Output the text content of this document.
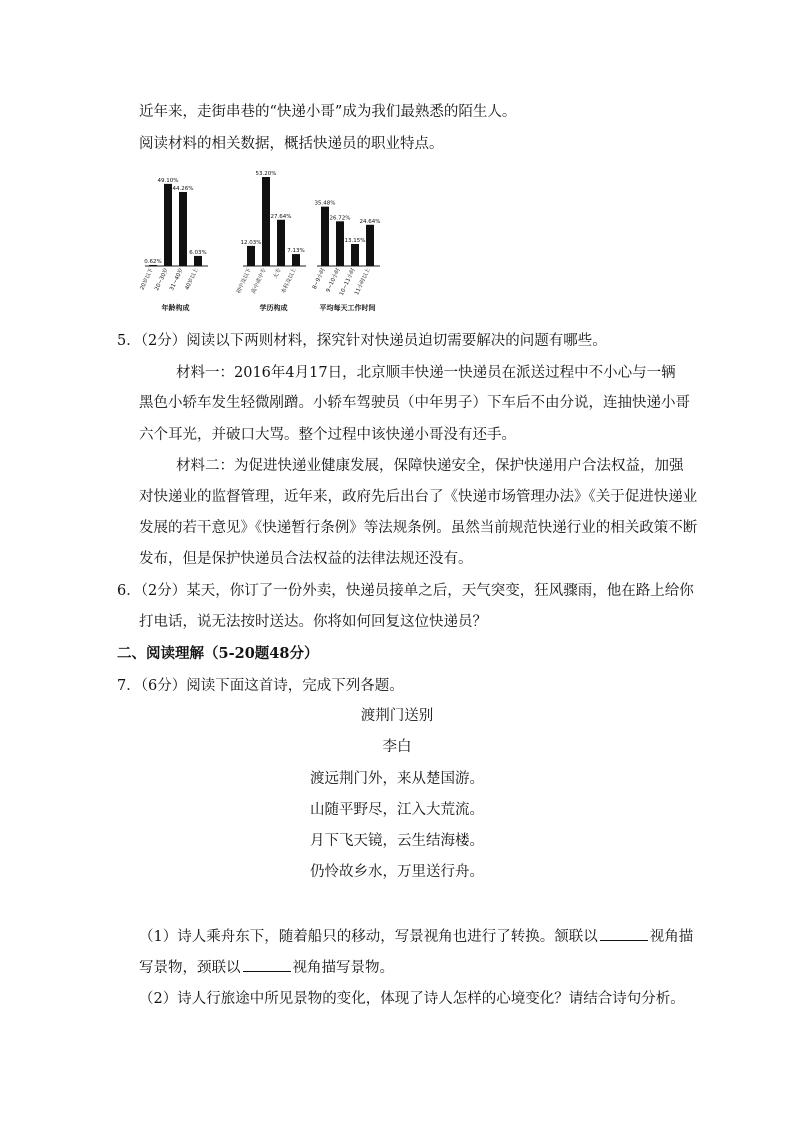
近年来，走街串巷的“快递小哥”成为我们最熟悉的陌生人。
阅读材料的相关数据，概括快递员的职业特点。
0.62%
20岁以下
49.10%
20~30岁
44.26%
31~40岁
6.03%
40岁以上
年龄构成
12.03%
初中及以下
53.20%
高中或中专
27.64%
大专
7.13%
本科及以上
学历构成
35.48%
8~9小时
26.72%
9~10小时
13.15%
10~11小时
24.64%
11小时以上
平均每天工作时间
5．（2分）阅读以下两则材料，探究针对快递员迫切需要解决的问题有哪些。
材料一：2016年4月17日，北京顺丰快递一快递员在派送过程中不小心与一辆
黑色小轿车发生轻微剐蹭。小轿车驾驶员（中年男子）下车后不由分说，连抽快递小哥
六个耳光，并破口大骂。整个过程中该快递小哥没有还手。
材料二：为促进快递业健康发展，保障快递安全，保护快递用户合法权益，加强
对快递业的监督管理，近年来，政府先后出台了《快递市场管理办法》《关于促进快递业
发展的若干意见》《快递暂行条例》等法规条例。虽然当前规范快递行业的相关政策不断
发布，但是保护快递员合法权益的法律法规还没有。
6．（2分）某天，你订了一份外卖，快递员接单之后，天气突变，狂风骤雨，他在路上给你
打电话，说无法按时送达。你将如何回复这位快递员？
二、阅读理解（5-20题48分）
7．（6分）阅读下面这首诗，完成下列各题。
渡荆门送别
李白
渡远荆门外，来从楚国游。
山随平野尽，江入大荒流。
月下飞天镜，云生结海楼。
仍怜故乡水，万里送行舟。
（1）诗人乘舟东下，随着船只的移动，写景视角也进行了转换。颔联以	视角描
写景物，颈联以	视角描写景物。
（2）诗人行旅途中所见景物的变化，体现了诗人怎样的心境变化？请结合诗句分析。
